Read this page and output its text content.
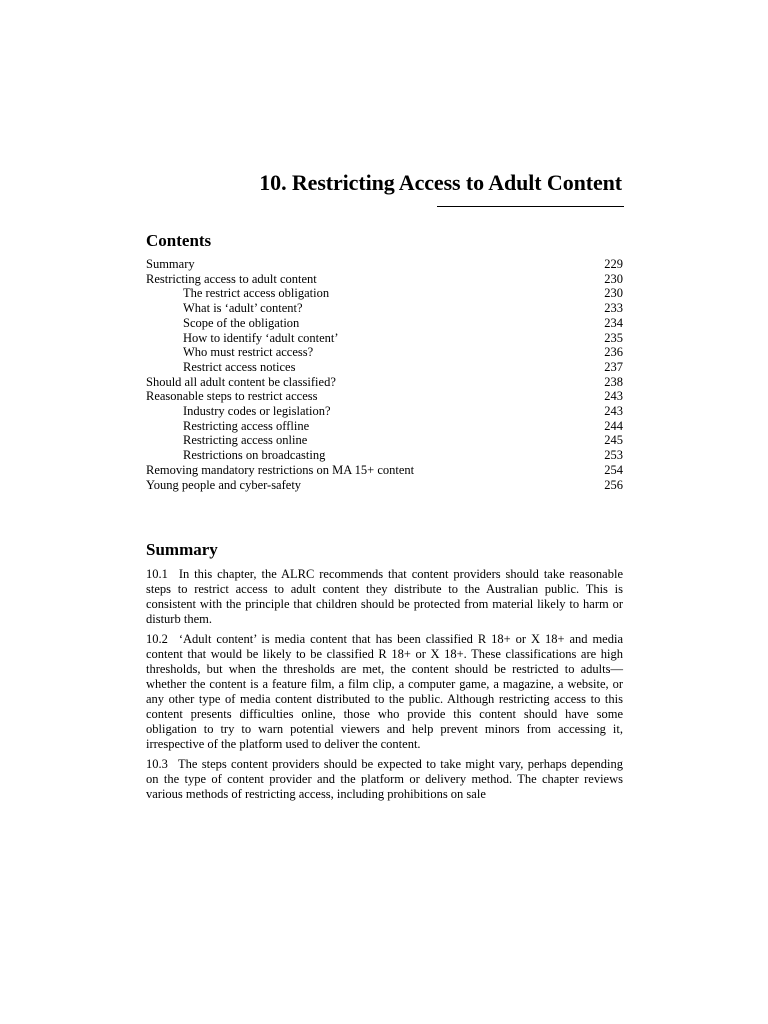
10. Restricting Access to Adult Content
Contents
Summary	229
Restricting access to adult content	230
The restrict access obligation	230
What is ‘adult’ content?	233
Scope of the obligation	234
How to identify ‘adult content’	235
Who must restrict access?	236
Restrict access notices	237
Should all adult content be classified?	238
Reasonable steps to restrict access	243
Industry codes or legislation?	243
Restricting access offline	244
Restricting access online	245
Restrictions on broadcasting	253
Removing mandatory restrictions on MA 15+ content	254
Young people and cyber-safety	256
Summary

10.1 In this chapter, the ALRC recommends that content providers should take reasonable steps to restrict access to adult content they distribute to the Australian public. This is consistent with the principle that children should be protected from material likely to harm or disturb them.

10.2 ‘Adult content’ is media content that has been classified R 18+ or X 18+ and media content that would be likely to be classified R 18+ or X 18+. These classifications are high thresholds, but when the thresholds are met, the content should be restricted to adults—whether the content is a feature film, a film clip, a computer game, a magazine, a website, or any other type of media content distributed to the public. Although restricting access to this content presents difficulties online, those who provide this content should have some obligation to try to warn potential viewers and help prevent minors from accessing it, irrespective of the platform used to deliver the content.

10.3 The steps content providers should be expected to take might vary, perhaps depending on the type of content provider and the platform or delivery method. The chapter reviews various methods of restricting access, including prohibitions on sale
